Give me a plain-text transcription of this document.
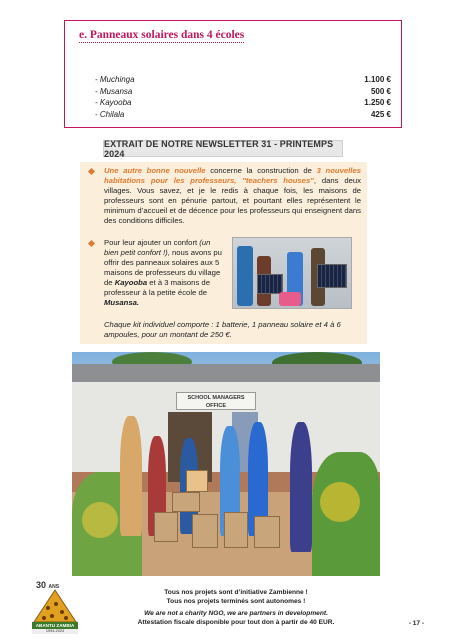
e. Panneaux solaires dans 4 écoles
- Muchinga	1.100 €
- Musansa	500 €
- Kayooba	1.250 €
- Chilala	425 €
EXTRAIT DE NOTRE NEWSLETTER 31 - PRINTEMPS 2024
Une autre bonne nouvelle concerne la construction de 3 nouvelles habitations pour les professeurs, "teachers houses", dans deux villages. Vous savez, et je le redis à chaque fois, les maisons de professeurs sont en pénurie partout, et pourtant elles représentent le minimum d’accueil et de décence pour les professeurs qui enseignent dans des conditions difficiles.
Pour leur ajouter un confort (un bien petit confort !), nous avons pu offrir des panneaux solaires aux 5 maisons de professeurs du village de Kayooba et à 3 maisons de professeur à la petite école de Musansa.
Chaque kit individuel comporte : 1 batterie, 1 panneau solaire et 4 à 6 ampoules, pour un montant de 250 €.
SCHOOL MANAGERS OFFICE
30 ANS
ABANTU ZAMBIA
1994-2024
Tous nos projets sont d’initiative Zambienne !
Tous nos projets terminés sont autonomes !
We are not a charity NGO, we are partners in development.
Attestation fiscale disponible pour tout don à partir de 40 EUR.	- 17 -
